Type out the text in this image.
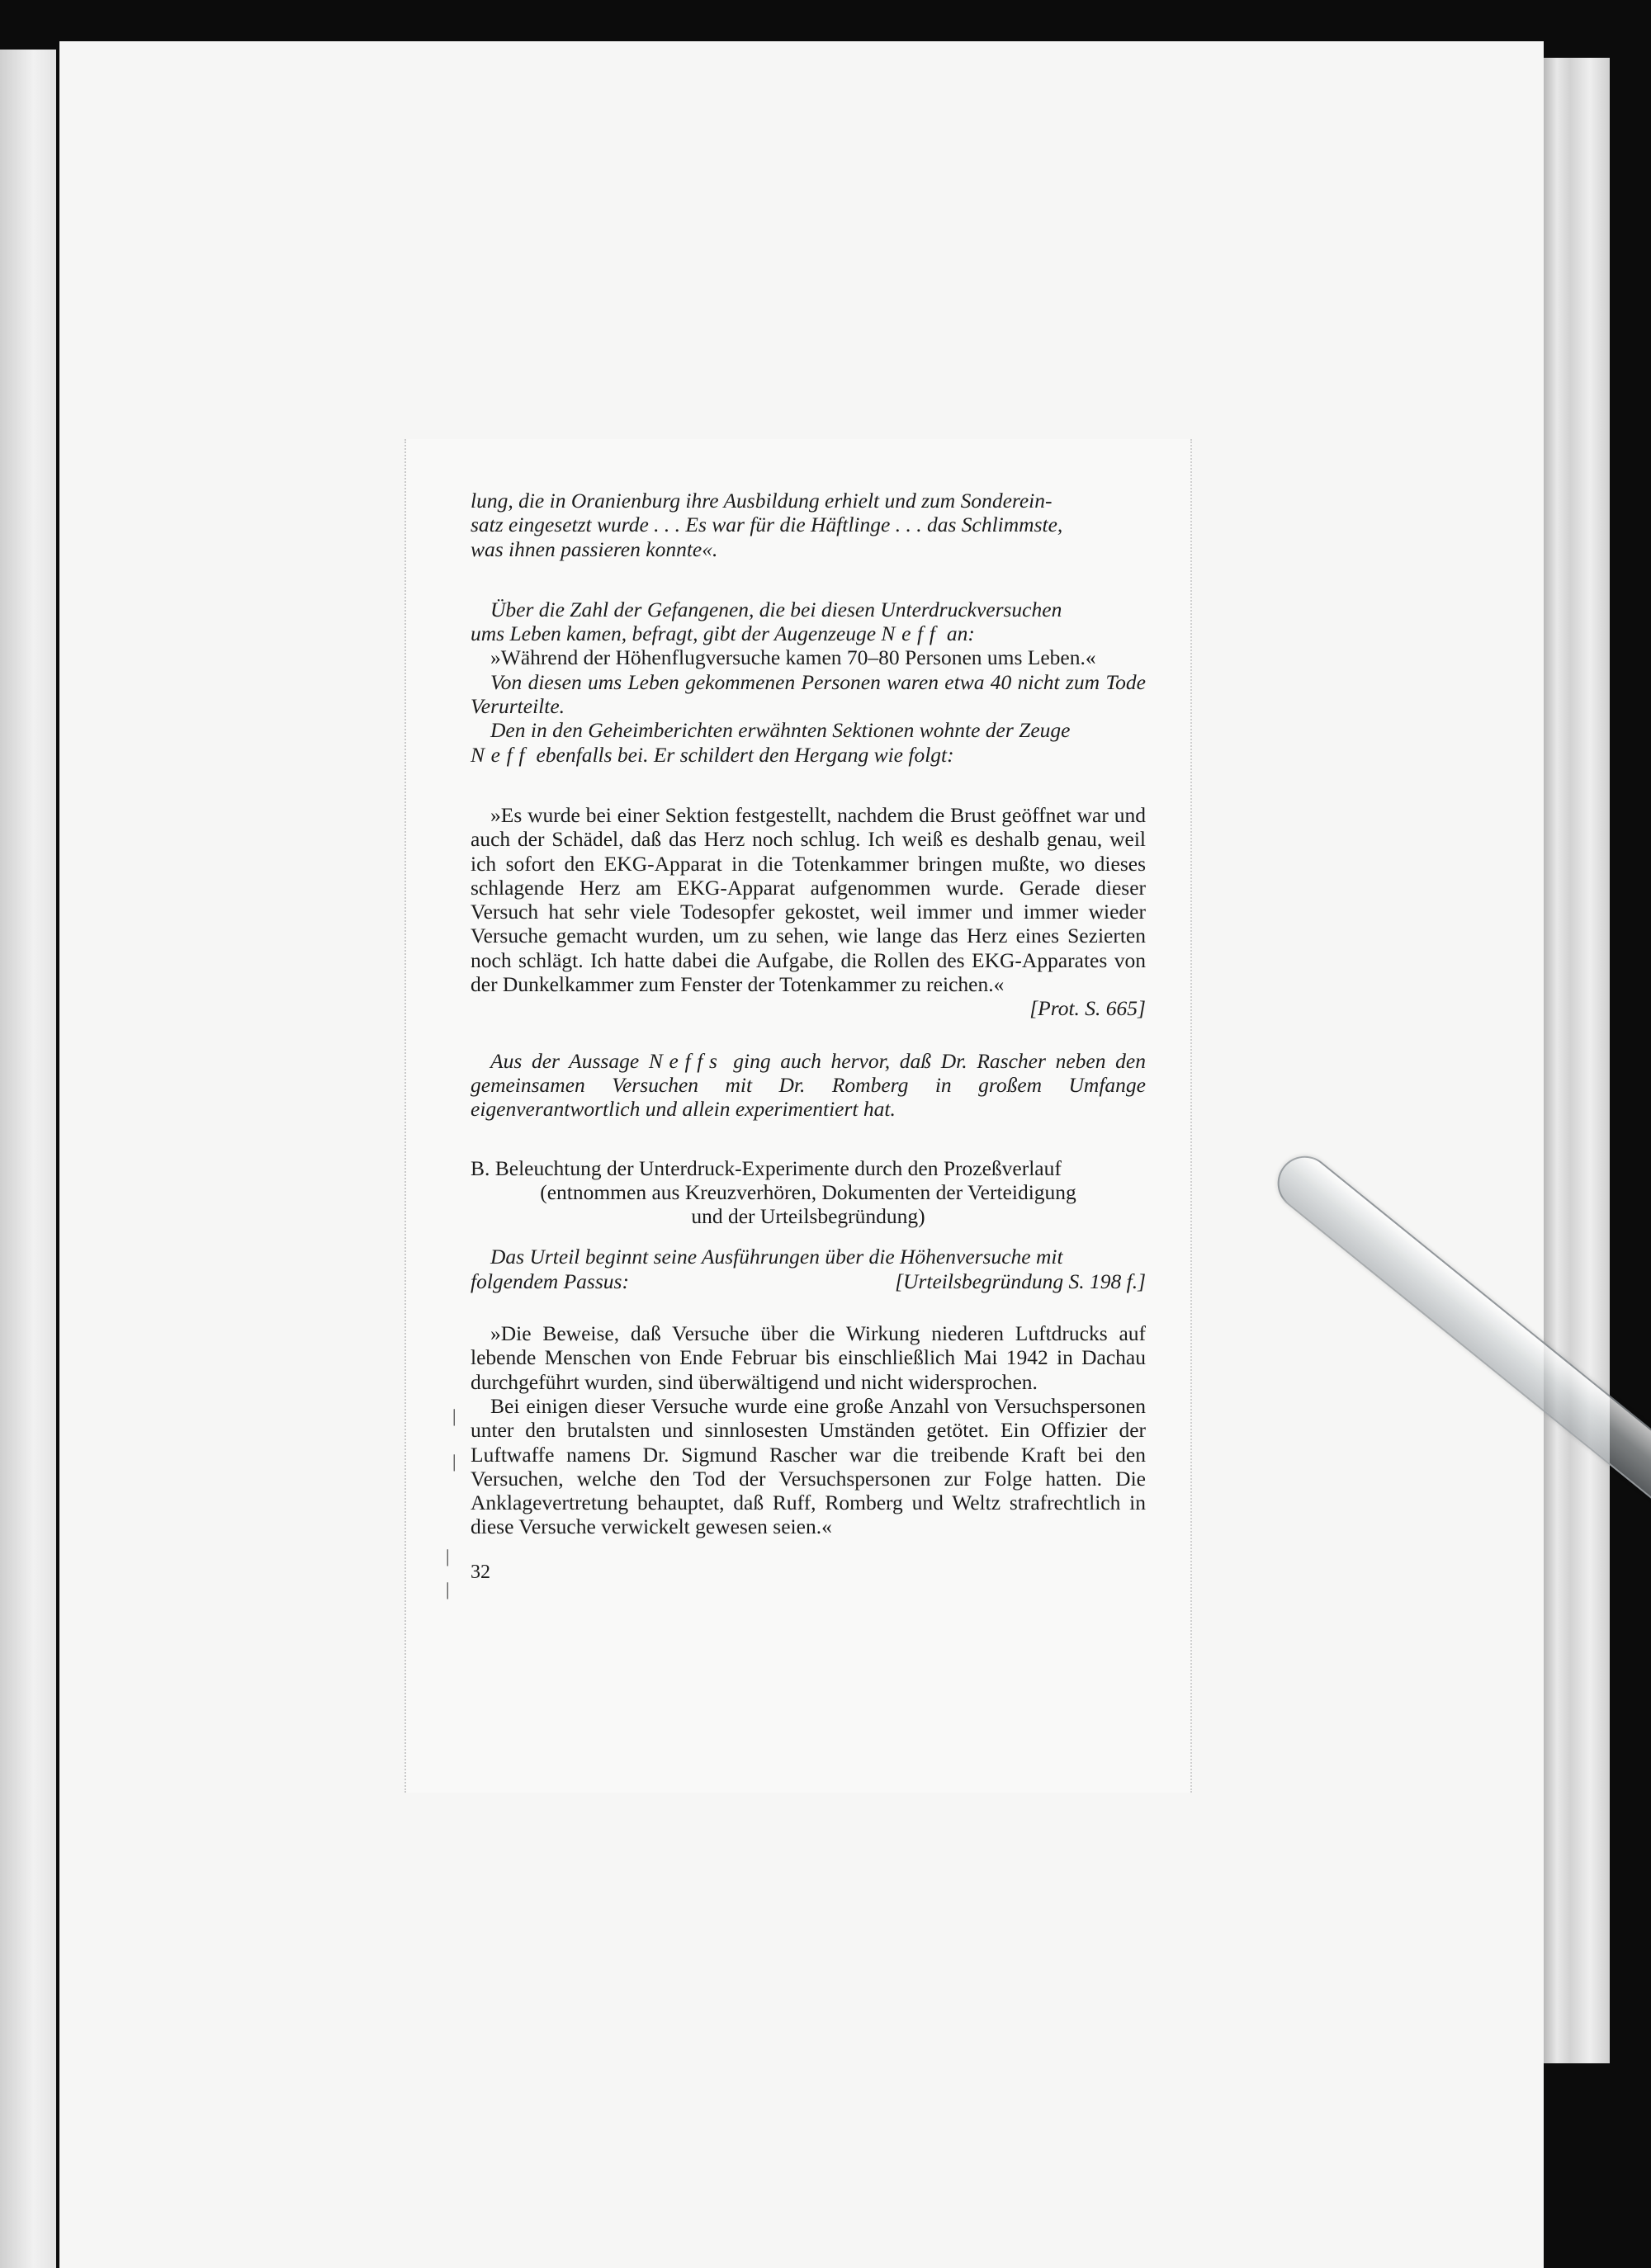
lung, die in Oranienburg ihre Ausbildung erhielt und zum Sonderein-
satz eingesetzt wurde . . . Es war für die Häftlinge . . . das Schlimmste,
was ihnen passieren konnte«.

Über die Zahl der Gefangenen, die bei diesen Unterdruckversuchen
ums Leben kamen, befragt, gibt der Augenzeuge Neff an:

»Während der Höhenflugversuche kamen 70–80 Personen ums Leben.«

Von diesen ums Leben gekommenen Personen waren etwa 40 nicht zum Tode Verurteilte.

Den in den Geheimberichten erwähnten Sektionen wohnte der Zeuge
Neff ebenfalls bei. Er schildert den Hergang wie folgt:

»Es wurde bei einer Sektion festgestellt, nachdem die Brust geöffnet war und auch der Schädel, daß das Herz noch schlug. Ich weiß es deshalb genau, weil ich sofort den EKG-Apparat in die Totenkammer bringen mußte, wo dieses schlagende Herz am EKG-Apparat aufgenommen wurde. Gerade dieser Versuch hat sehr viele Todesopfer gekostet, weil immer und immer wieder Versuche gemacht wurden, um zu sehen, wie lange das Herz eines Sezierten noch schlägt. Ich hatte dabei die Aufgabe, die Rollen des EKG-Apparates von der Dunkelkammer zum Fenster der Totenkammer zu reichen.«

[Prot. S. 665]

Aus der Aussage Neffs ging auch hervor, daß Dr. Rascher neben den gemeinsamen Versuchen mit Dr. Romberg in großem Umfange eigenverantwortlich und allein experimentiert hat.

B. Beleuchtung der Unterdruck-Experimente durch den Prozeßverlauf
(entnommen aus Kreuzverhören, Dokumenten der Verteidigung
und der Urteilsbegründung)

Das Urteil beginnt seine Ausführungen über die Höhenversuche mit

folgendem Passus:	[Urteilsbegründung S. 198 f.]

»Die Beweise, daß Versuche über die Wirkung niederen Luftdrucks auf lebende Menschen von Ende Februar bis einschließlich Mai 1942 in Dachau durchgeführt wurden, sind überwältigend und nicht widersprochen.

Bei einigen dieser Versuche wurde eine große Anzahl von Versuchspersonen unter den brutalsten und sinnlosesten Umständen getötet. Ein Offizier der Luftwaffe namens Dr. Sigmund Rascher war die treibende Kraft bei den Versuchen, welche den Tod der Versuchspersonen zur Folge hatten. Die Anklagevertretung behauptet, daß Ruff, Romberg und Weltz strafrechtlich in diese Versuche verwickelt gewesen seien.«

32

|
|
|
|
